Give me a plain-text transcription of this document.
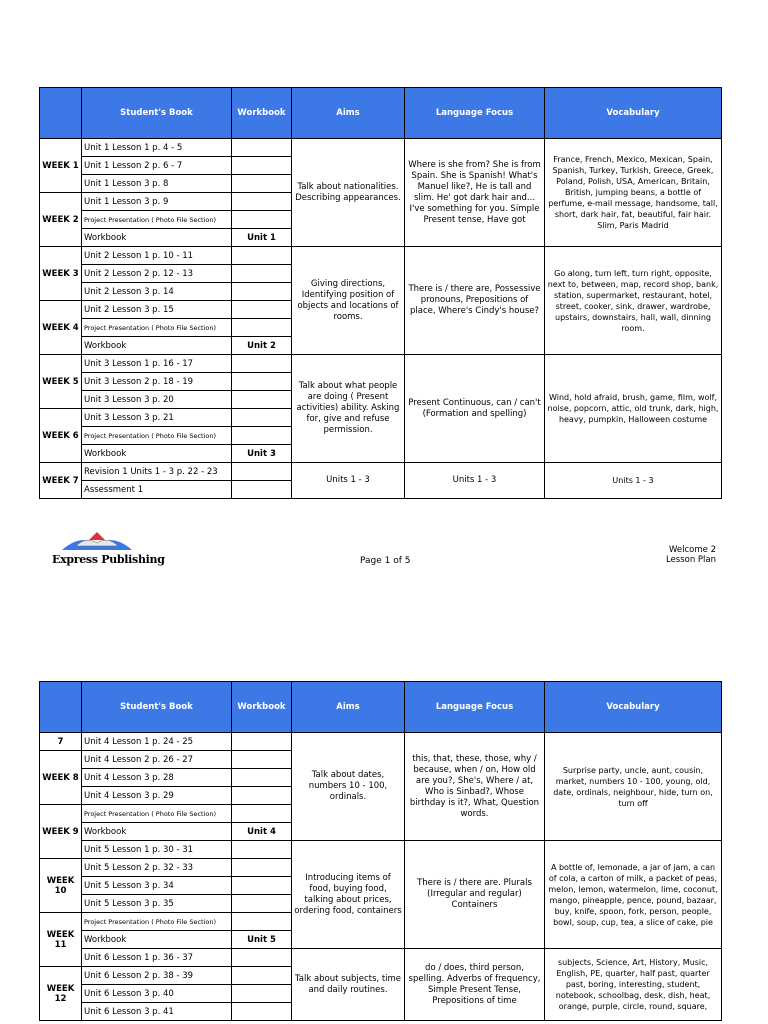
	Student's Book	Workbook	Aims	Language Focus	Vocabulary
WEEK 1	Unit 1 Lesson 1 p. 4 - 5		Talk about nationalities. Describing appearances.	Where is she from? She is from Spain. She is Spanish! What's Manuel like?, He is tall and slim. He' got dark hair and... I've something for you. Simple Present tense, Have got	France, French, Mexico, Mexican, Spain, Spanish, Turkey, Turkish, Greece, Greek, Poland, Polish, USA, American, Britain, British, jumping beans, a bottle of perfume, e-mail message, handsome, tall, short, dark hair, fat, beautiful, fair hair. Slim, Paris Madrid
	Unit 1 Lesson 2 p. 6 - 7				
	Unit 1 Lesson 3 p. 8				
WEEK 2	Unit 1 Lesson 3 p. 9				
	Project Presentation ( Photo File Section)				
	Workbook	Unit 1			
WEEK 3	Unit 2 Lesson 1 p. 10 - 11		Giving directions, Identifying position of objects and locations of rooms.	There is / there are, Possessive pronouns, Prepositions of place, Where's Cindy's house?	Go along, turn left, turn right, opposite, next to, between, map, record shop, bank, station, supermarket, restaurant, hotel, street, cooker, sink, drawer, wardrobe, upstairs, downstairs, hall, wall, dinning room.
	Unit 2 Lesson 2 p. 12 - 13				
	Unit 2 Lesson 3 p. 14				
WEEK 4	Unit 2 Lesson 3 p. 15				
	Project Presentation ( Photo File Section)				
	Workbook	Unit 2			
WEEK 5	Unit 3 Lesson 1 p. 16 - 17		Talk about what people are doing ( Present activities) ability. Asking for, give and refuse permission.	Present Continuous, can / can't (Formation and spelling)	Wind, hold afraid, brush, game, film, wolf, noise, popcorn, attic, old trunk, dark, high, heavy, pumpkin, Halloween costume
	Unit 3 Lesson 2 p. 18 - 19				
	Unit 3 Lesson 3 p. 20				
WEEK 6	Unit 3 Lesson 3 p. 21				
	Project Presentation ( Photo File Section)				
	Workbook	Unit 3			
WEEK 7	Revision 1 Units 1 - 3 p. 22 - 23		Units 1 - 3	Units 1 - 3	Units 1 - 3
	Assessment 1				
Express Publishing	Page 1 of 5
Welcome 2
Lesson Plan
	Student's Book	Workbook	Aims	Language Focus	Vocabulary
7	Unit 4 Lesson 1 p. 24 - 25		Talk about dates, numbers 10 - 100, ordinals.	this, that, these, those, why / because, when / on, How old are you?, She's, Where / at, Who is Sinbad?, Whose birthday is it?, What, Question words.	Surprise party, uncle, aunt, cousin, market, numbers 10 - 100, young, old, date, ordinals, neighbour, hide, turn on, turn off
WEEK 8	Unit 4 Lesson 2 p. 26 - 27				
	Unit 4 Lesson 3 p. 28				
	Unit 4 Lesson 3 p. 29				
WEEK 9	Project Presentation ( Photo File Section)				
	Workbook	Unit 4			
	Unit 5 Lesson 1 p. 30 - 31		Introducing items of food, buying food, talking about prices, ordering food, containers	There is / there are. Plurals (Irregular and regular) Containers	A bottle of, lemonade, a jar of jam, a can of cola, a carton of milk, a packet of peas, melon, lemon, watermelon, lime, coconut, mango, pineapple, pence, pound, bazaar, buy, knife, spoon, fork, person, people, bowl, soup, cup, tea, a slice of cake, pie
WEEK 10	Unit 5 Lesson 2 p. 32 - 33				
	Unit 5 Lesson 3 p. 34				
	Unit 5 Lesson 3 p. 35				
WEEK 11	Project Presentation ( Photo File Section)				
	Workbook	Unit 5			
	Unit 6 Lesson 1 p. 36 - 37		Talk about subjects, time and daily routines.	do / does, third person, spelling. Adverbs of frequency, Simple Present Tense, Prepositions of time	subjects, Science, Art, History, Music, English, PE, quarter, half past, quarter past, boring, interesting, student, notebook, schoolbag, desk, dish, heat, orange, purple, circle, round, square,
WEEK 12	Unit 6 Lesson 2 p. 38 - 39				
	Unit 6 Lesson 3 p. 40				
	Unit 6 Lesson 3 p. 41				
